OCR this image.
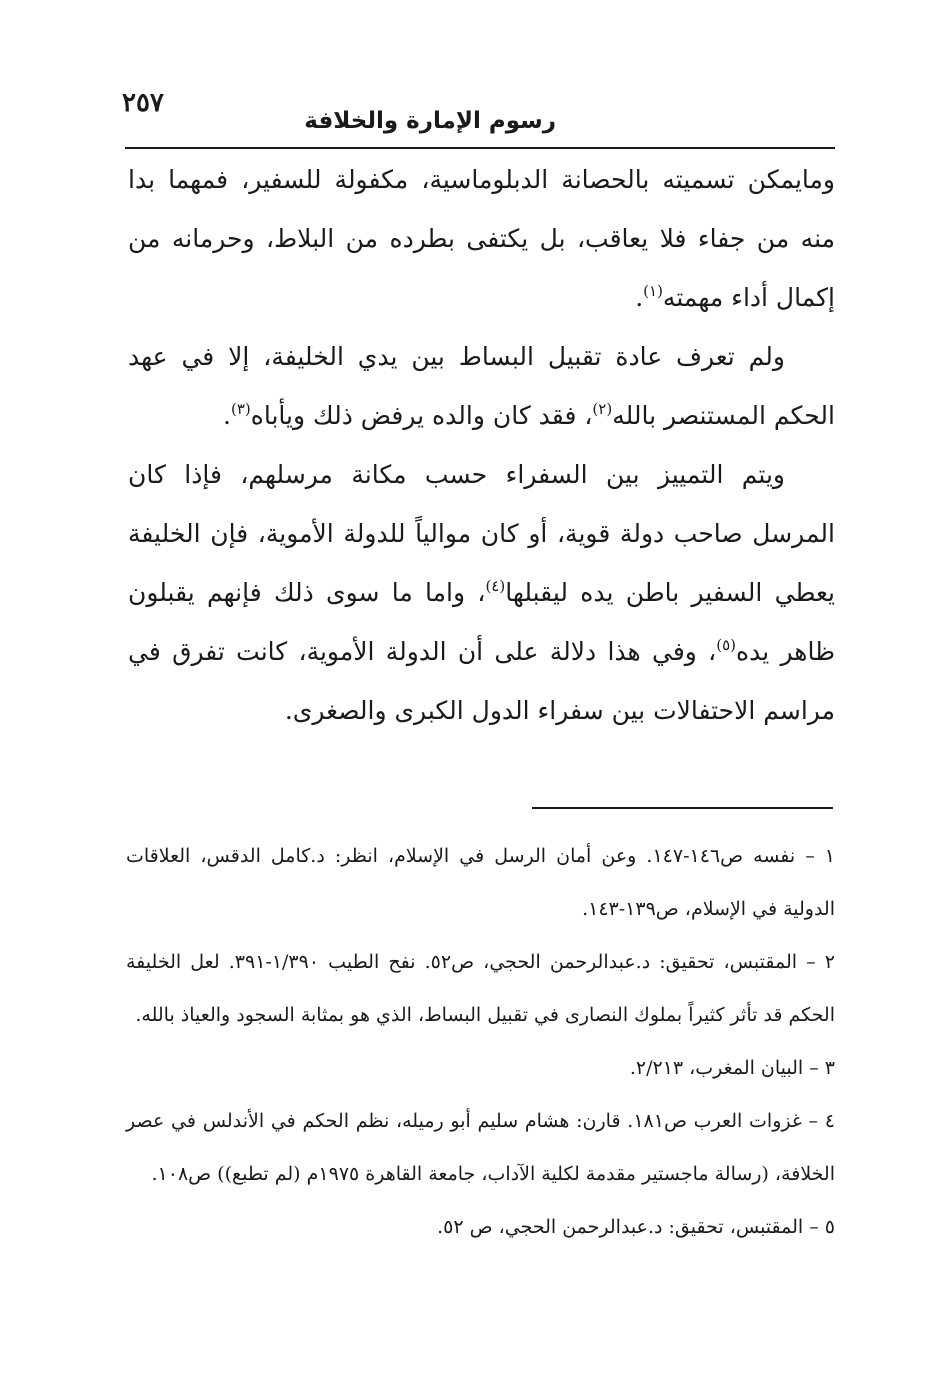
٢٥٧
رسوم الإمارة والخلافة

ومايمكن تسميته بالحصانة الدبلوماسية، مكفولة للسفير، فمهما بدا منه من جفاء فلا يعاقب، بل يكتفى بطرده من البلاط، وحرمانه من إكمال أداء مهمته$^{(١)}$.

ولم تعرف عادة تقبيل البساط بين يدي الخليفة، إلا في عهد الحكم المستنصر بالله$^{(٢)}$، فقد كان والده يرفض ذلك ويأباه$^{(٣)}$.

ويتم التمييز بين السفراء حسب مكانة مرسلهم، فإذا كان المرسل صاحب دولة قوية، أو كان موالياً للدولة الأموية، فإن الخليفة يعطي السفير باطن يده ليقبلها$^{(٤)}$، واما ما سوى ذلك فإنهم يقبلون ظاهر يده$^{(٥)}$، وفي هذا دلالة على أن الدولة الأموية، كانت تفرق في مراسم الاحتفالات بين سفراء الدول الكبرى والصغرى.

١ – نفسه ص١٤٦-١٤٧. وعن أمان الرسل في الإسلام، انظر: د.كامل الدقس، العلاقات الدولية في الإسلام، ص١٣٩-١٤٣.

٢ – المقتبس، تحقيق: د.عبدالرحمن الحجي، ص٥٢. نفح الطيب ١/٣٩٠-٣٩١. لعل الخليفة الحكم قد تأثر كثيراً بملوك النصارى في تقبيل البساط، الذي هو بمثابة السجود والعياذ بالله.

٣ – البيان المغرب، ٢/٢١٣.

٤ – غزوات العرب ص١٨١. قارن: هشام سليم أبو رميله، نظم الحكم في الأندلس في عصر الخلافة، (رسالة ماجستير مقدمة لكلية الآداب، جامعة القاهرة ١٩٧٥م (لم تطبع)) ص١٠٨.

٥ – المقتبس، تحقيق: د.عبدالرحمن الحجي، ص ٥٢.
